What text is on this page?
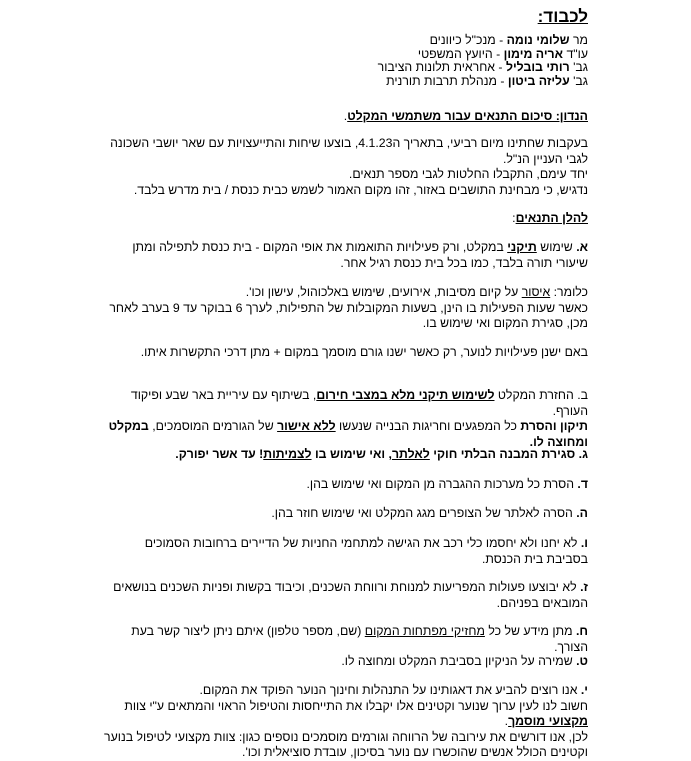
לכבוד:
מר שלומי נומה - מנכ"ל כיוונים
עו"ד אריה מימון - היועץ המשפטי
גב' רותי בובליל - אחראית תלונות הציבור
גב' עליזה ביטון - מנהלת תרבות תורנית
הנדון: סיכום התנאים עבור משתמשי המקלט.

בעקבות שחתינו מיום רביעי, בתאריך ה4.1.23, בוצעו שיחות והתייעצויות עם שאר יושבי השכונה לגבי העניין הנ"ל.

יחד עימם, התקבלו החלטות לגבי מספר תנאים.

נדגיש, כי מבחינת התושבים באזור, זהו מקום האמור לשמש כבית כנסת / בית מדרש בלבד.

להלן התנאים:

א. שימוש תיקני במקלט, ורק פעילויות התואמות את אופי המקום - בית כנסת לתפילה ומתן שיעורי תורה בלבד, כמו בכל בית כנסת רגיל אחר.

כלומר: איסור על קיום מסיבות, אירועים, שימוש באלכוהול, עישון וכו'.

כאשר שעות הפעילות בו הינן, בשעות המקובלות של התפילות, לערך 6 בבוקר עד 9 בערב לאחר מכן, סגירת המקום ואי שימוש בו.

באם ישנן פעילויות לנוער, רק כאשר ישנו גורם מוסמך במקום + מתן דרכי התקשרות איתו.

ב. החזרת המקלט לשימוש תיקני מלא במצבי חירום, בשיתוף עם עיריית באר שבע ופיקוד העורף.
תיקון והסרת כל המפגעים וחריגות הבנייה שנעשו ללא אישור של הגורמים המוסמכים, במקלט ומחוצה לו.

ג. סגירת המבנה הבלתי חוקי לאלתר, ואי שימוש בו לצמיתות! עד אשר יפורק.

ד. הסרת כל מערכות ההגברה מן המקום ואי שימוש בהן.

ה. הסרה לאלתר של הצופרים מגג המקלט ואי שימוש חוזר בהן.

ו. לא יחנו ולא יחסמו כלי רכב את הגישה למתחמי החניות של הדיירים ברחובות הסמוכים בסביבת בית הכנסת.

ז. לא יבוצעו פעולות המפריעות למנוחת ורווחת השכנים, וכיבוד בקשות ופניות השכנים בנושאים המובאים בפניהם.

ח. מתן מידע של כל מחזיקי מפתחות המקום (שם, מספר טלפון) איתם ניתן ליצור קשר בעת הצורך.

ט. שמירה על הניקיון בסביבת המקלט ומחוצה לו.

י. אנו רוצים להביע את דאגותינו על התנהלות וחינוך הנוער הפוקד את המקום.

חשוב לנו לעין ערוך שנוער וקטינים אלו יקבלו את התייחסות והטיפול הראוי והמתאים ע"י צוות מקצועי מוסמך.

לכן, אנו דורשים את עירובה של הרווחה וגורמים מוסמכים נוספים כגון: צוות מקצועי לטיפול בנוער וקטינים הכולל אנשים שהוכשרו עם נוער בסיכון, עובדת סוציאלית וכו'.
